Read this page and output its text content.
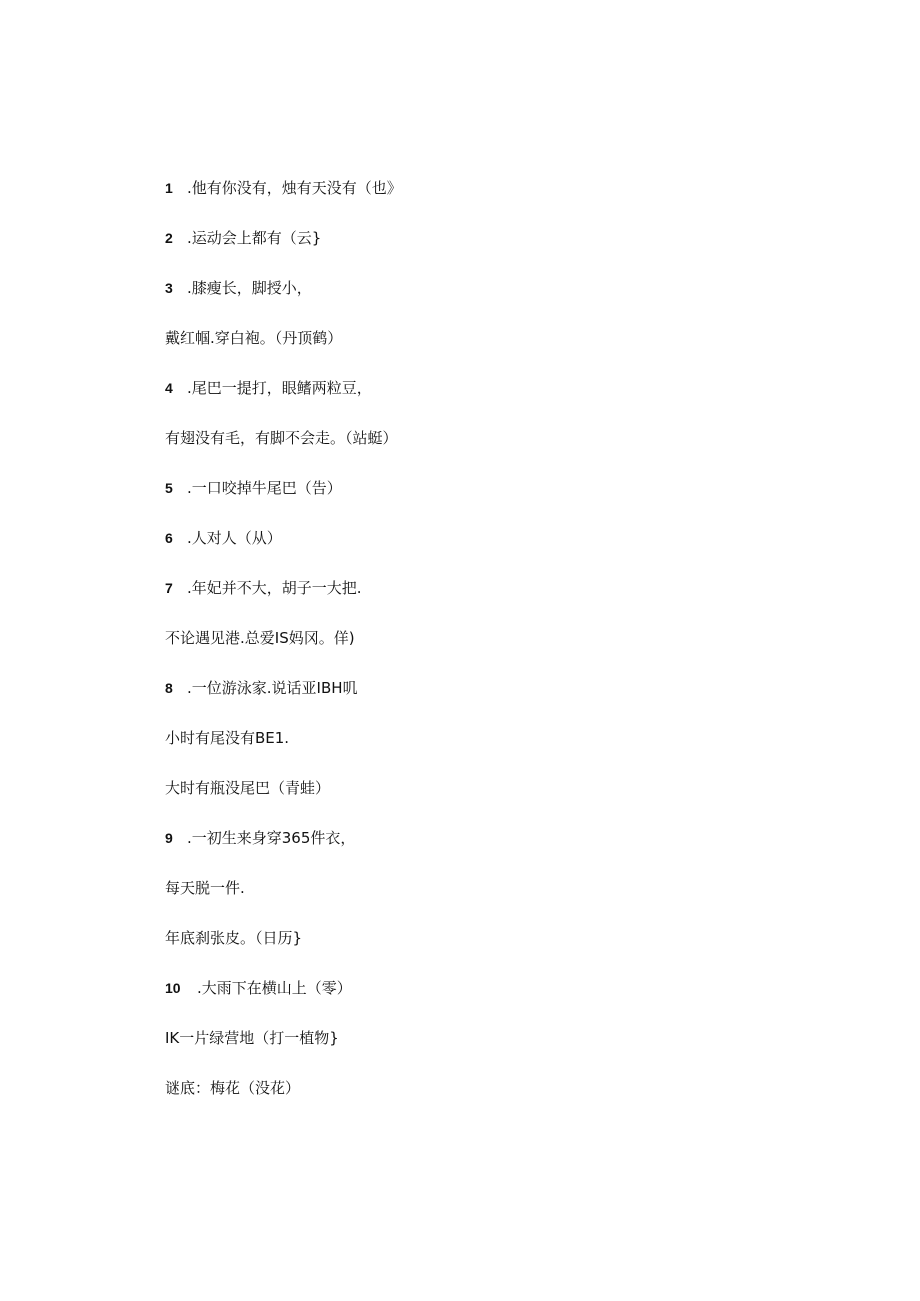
1 .他有你没有，烛有天没有（也》
2 .运动会上都有（云}
3 .膝瘦长，脚授小，
戴红帼.穿白袍。（丹顶鹤）
4 .尾巴一提打，眼鳍两粒豆，
有翅没有毛，有脚不会走。（站蜓）
5 .一口咬掉牛尾巴（告）
6 .人对人（从）
7 .年妃并不大，胡子一大把.
不论遇见港.总爱IS妈冈。佯)
8 .一位游泳家.说话亚IBH叽
小时有尾没有BE1.
大时有瓶没尾巴（青蛙）
9 .一初生来身穿365件衣，
每天脱一件.
年底刹张皮。（日历}
10 .大雨下在横山上（零）
IK一片绿营地（打一植物}
谜底：梅花（没花）
